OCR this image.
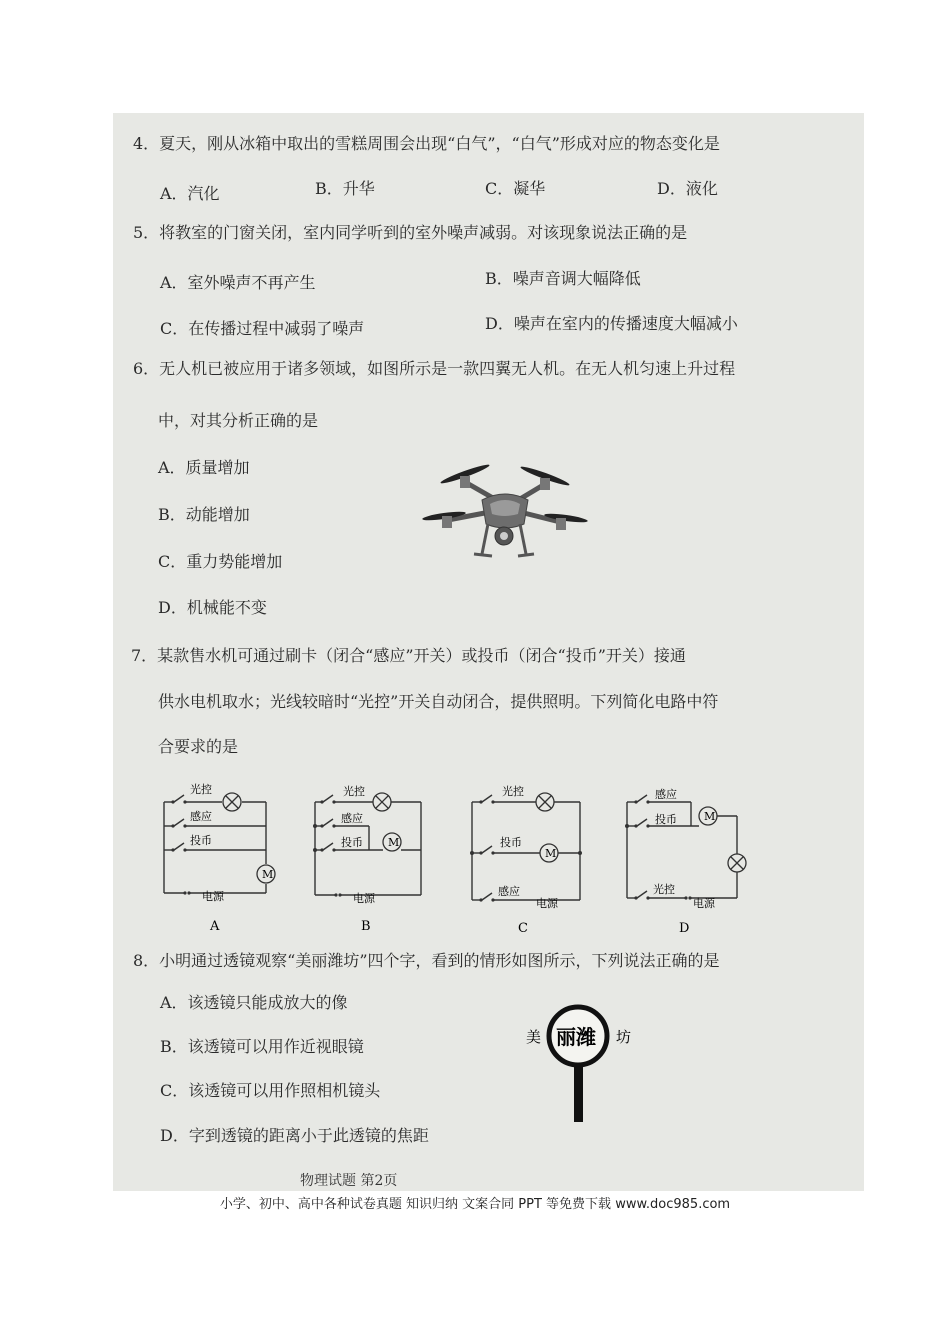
4．夏天，刚从冰箱中取出的雪糕周围会出现“白气”，“白气”形成对应的物态变化是
A．汽化	B．升华	C．凝华	D．液化
5．将教室的门窗关闭，室内同学听到的室外噪声减弱。对该现象说法正确的是
A．室外噪声不再产生	B．噪声音调大幅降低
C．在传播过程中减弱了噪声	D．噪声在室内的传播速度大幅减小
6．无人机已被应用于诸多领域，如图所示是一款四翼无人机。在无人机匀速上升过程
中，对其分析正确的是
A．质量增加
B．动能增加
C．重力势能增加
D．机械能不变
7．某款售水机可通过刷卡（闭合“感应”开关）或投币（闭合“投币”开关）接通
供水电机取水；光线较暗时“光控”开关自动闭合，提供照明。下列简化电路中符
合要求的是
M
光控
感应
投币
电源
A
M
光控
感应
投币
电源
B
M
光控
投币
感应
电源
C
M
感应
投币
光控
电源
D
8．小明通过透镜观察“美丽潍坊”四个字，看到的情形如图所示，下列说法正确的是
A．该透镜只能成放大的像
B．该透镜可以用作近视眼镜
C．该透镜可以用作照相机镜头
D．字到透镜的距离小于此透镜的焦距
美 丽潍 坊
物理试题 第2页
小学、初中、高中各种试卷真题 知识归纳 文案合同 PPT 等免费下载 www.doc985.com
